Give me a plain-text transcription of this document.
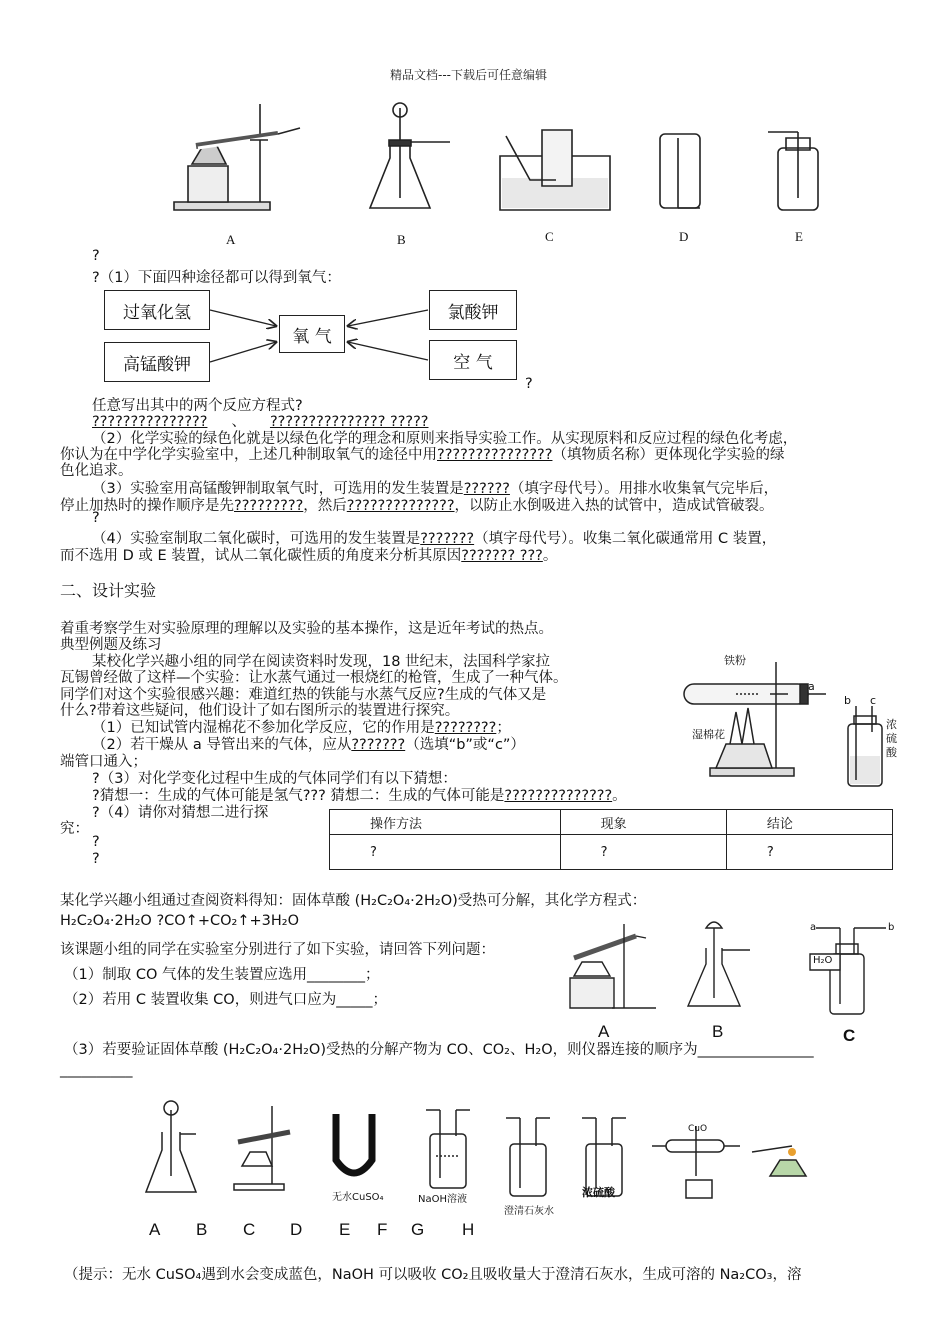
精品文档---下载后可任意编辑
A	B	C	D	E
?
?（1）下面四种途径都可以得到氧气：
过氧化氢
高锰酸钾
氧 气
氯酸钾
空 气
?
任意写出其中的两个反应方程式?
??????????????? 、 ??????????????? ?????
（2）化学实验的绿色化就是以绿色化学的理念和原则来指导实验工作。从实现原料和反应过程的绿色化考虑，
你认为在中学化学实验室中，上述几种制取氧气的途径中用???????????????（填物质名称）更体现化学实验的绿
色化追求。
（3）实验室用高锰酸钾制取氧气时，可选用的发生装置是??????（填字母代号）。用排水收集氧气完毕后，
停止加热时的操作顺序是先?????????，然后??????????????，以防止水倒吸进入热的试管中，造成试管破裂。
?
（4）实验室制取二氧化碳时，可选用的发生装置是???????（填字母代号）。收集二氧化碳通常用 C 装置，
而不选用 D 或 E 装置，试从二氧化碳性质的角度来分析其原因??????? ???。
二、设计实验
着重考察学生对实验原理的理解以及实验的基本操作，这是近年考试的热点。
典型例题及练习
某校化学兴趣小组的同学在阅读资料时发现，18 世纪末，法国科学家拉
瓦锡曾经做了这样—个实验：让水蒸气通过一根烧红的枪管，生成了一种气体。
同学们对这个实验很感兴趣：难道红热的铁能与水蒸气反应?生成的气体又是
什么?带着这些疑问，他们设计了如右图所示的装置进行探究。
（1）已知试管内湿棉花不参加化学反应，它的作用是????????；
（2）若干燥从 a 导管出来的气体，应从???????（选填“b”或“c”）
端管口通入；
?（3）对化学变化过程中生成的气体同学们有以下猜想：
?猜想一：生成的气体可能是氢气??? 猜想二：生成的气体可能是??????????????。
?（4）请你对猜想二进行探
究：
?
?
铁粉
湿棉花
a
b c
浓
硫
酸
操作方法	现象	结论
?	?	?
某化学兴趣小组通过查阅资料得知：固体草酸 (H₂C₂O₄·2H₂O)受热可分解，其化学方程式：
H₂C₂O₄·2H₂O ?CO↑+CO₂↑+3H₂O
该课题小组的同学在实验室分别进行了如下实验，请回答下列问题：
（1）制取 CO 气体的发生装置应选用________；
（2）若用 C 装置收集 CO，则进气口应为_____；
（3）若要验证固体草酸 (H₂C₂O₄·2H₂O)受热的分解产物为 CO、CO₂、H₂O，则仪器连接的顺序为________________
__________
a	b
H₂O
A	B	C
无水CuSO₄	NaOH溶液
澄清石灰水
浓硫酸
CuO
A B C D E F G H
（提示：无水 CuSO₄遇到水会变成蓝色，NaOH 可以吸收 CO₂且吸收量大于澄清石灰水，生成可溶的 Na₂CO₃，溶
